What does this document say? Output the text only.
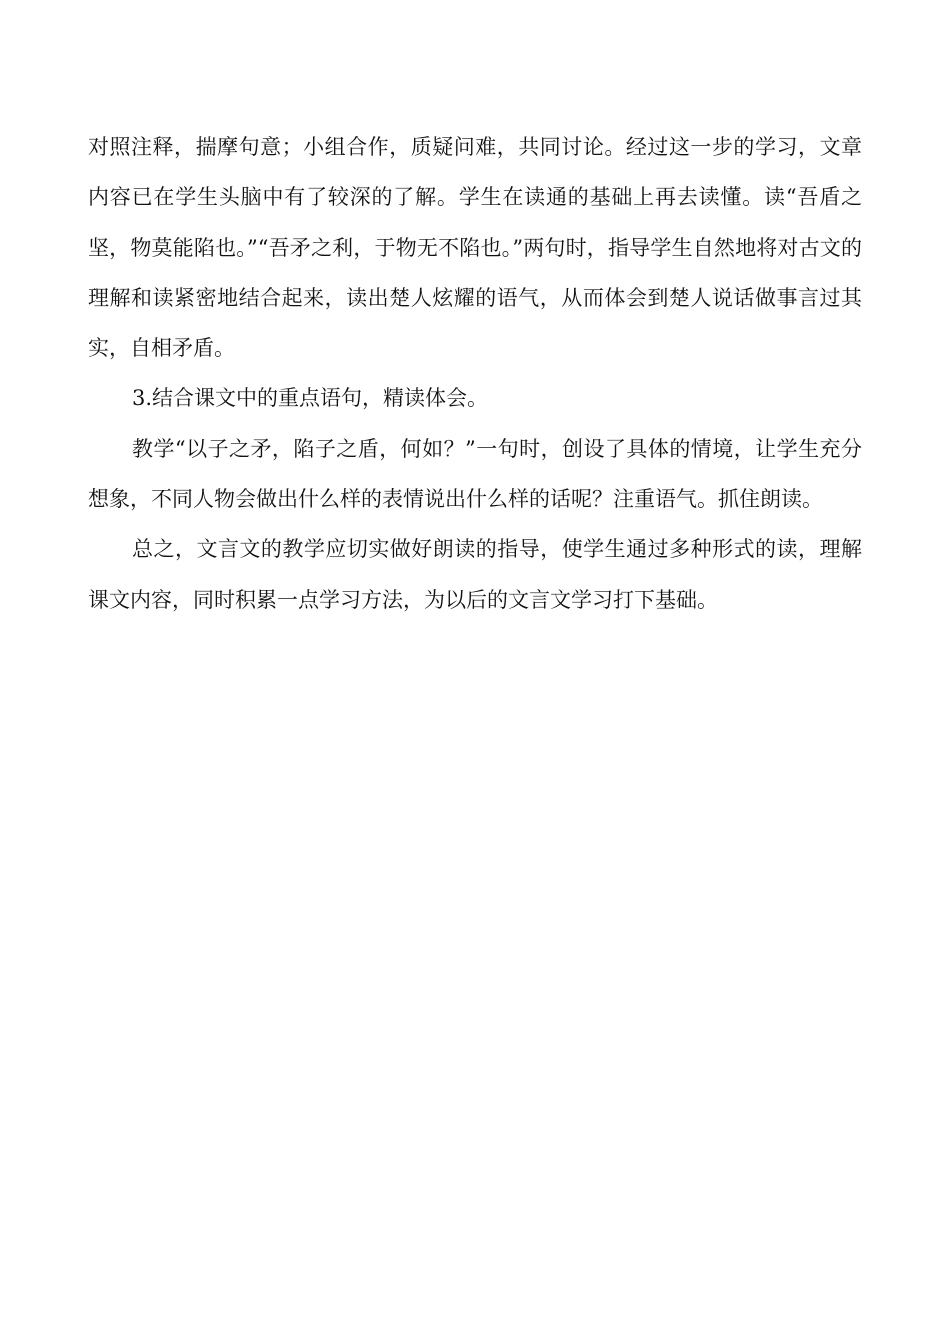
对照注释，揣摩句意；小组合作，质疑问难，共同讨论。经过这一步的学习，文章内容已在学生头脑中有了较深的了解。学生在读通的基础上再去读懂。读“吾盾之坚，物莫能陷也。”“吾矛之利，于物无不陷也。”两句时，指导学生自然地将对古文的理解和读紧密地结合起来，读出楚人炫耀的语气，从而体会到楚人说话做事言过其实，自相矛盾。

3.结合课文中的重点语句，精读体会。

教学“以子之矛，陷子之盾，何如？”一句时，创设了具体的情境，让学生充分想象，不同人物会做出什么样的表情说出什么样的话呢？注重语气。抓住朗读。

总之，文言文的教学应切实做好朗读的指导，使学生通过多种形式的读，理解课文内容，同时积累一点学习方法，为以后的文言文学习打下基础。
